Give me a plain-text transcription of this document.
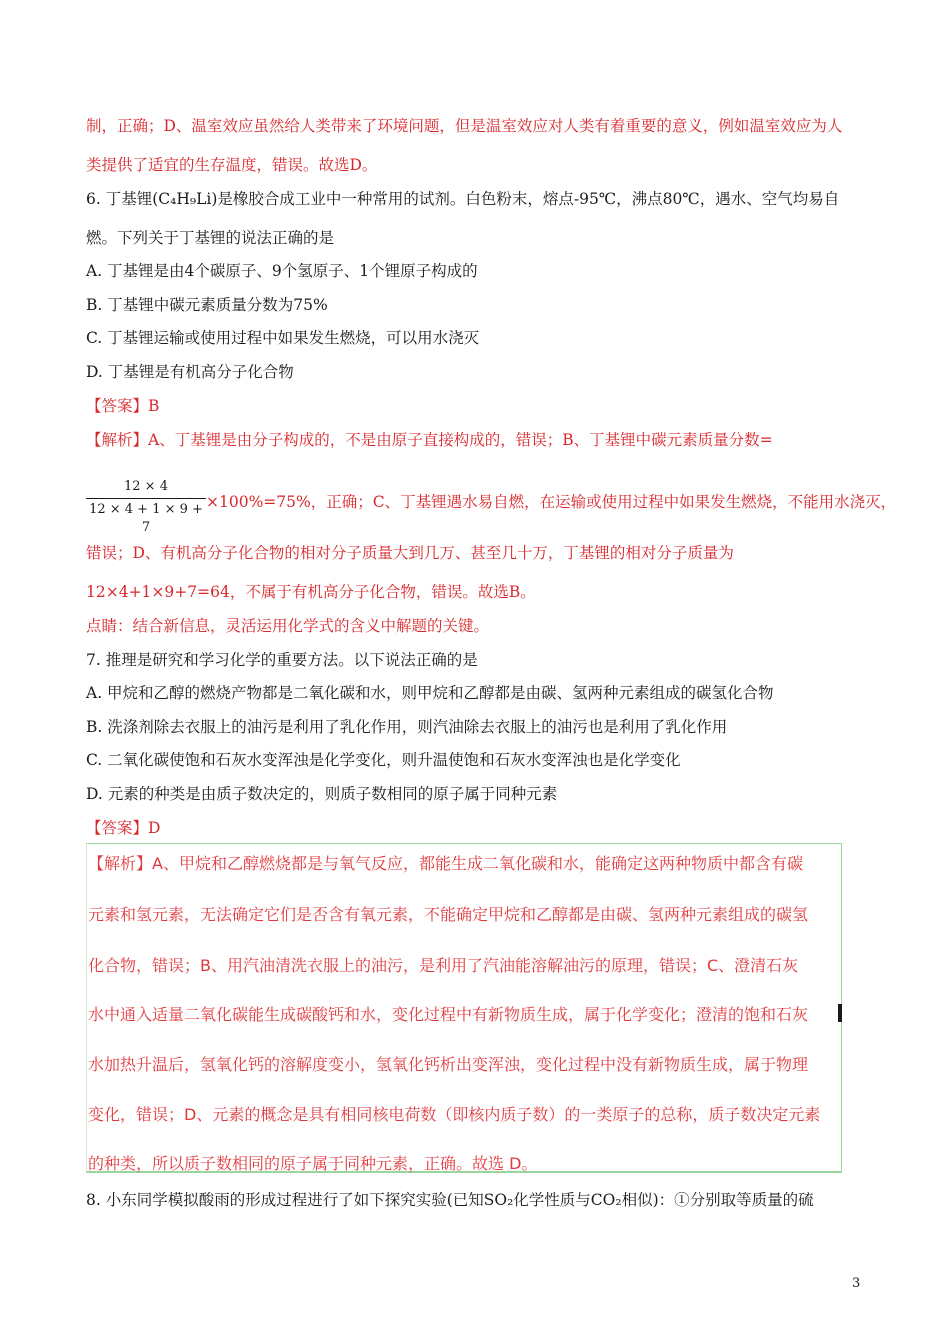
制，正确；D、温室效应虽然给人类带来了环境问题，但是温室效应对人类有着重要的意义，例如温室效应为人
类提供了适宜的生存温度，错误。故选D。
6. 丁基锂(C₄H₉Li)是橡胶合成工业中一种常用的试剂。白色粉末，熔点-95℃，沸点80℃，遇水、空气均易自
燃。下列关于丁基锂的说法正确的是
A. 丁基锂是由4个碳原子、9个氢原子、1个锂原子构成的
B. 丁基锂中碳元素质量分数为75%
C. 丁基锂运输或使用过程中如果发生燃烧，可以用水浇灭
D. 丁基锂是有机高分子化合物
【答案】B
【解析】A、丁基锂是由分子构成的，不是由原子直接构成的，错误；B、丁基锂中碳元素质量分数=
12 × 4
12 × 4 + 1 × 9 + 7
×100%=75%，正确；C、丁基锂遇水易自燃，在运输或使用过程中如果发生燃烧，不能用水浇灭，
错误；D、有机高分子化合物的相对分子质量大到几万、甚至几十万，丁基锂的相对分子质量为
12×4+1×9+7=64，不属于有机高分子化合物，错误。故选B。
点睛：结合新信息，灵活运用化学式的含义中解题的关键。
7. 推理是研究和学习化学的重要方法。以下说法正确的是
A. 甲烷和乙醇的燃烧产物都是二氧化碳和水，则甲烷和乙醇都是由碳、氢两种元素组成的碳氢化合物
B. 洗涤剂除去衣服上的油污是利用了乳化作用，则汽油除去衣服上的油污也是利用了乳化作用
C. 二氧化碳使饱和石灰水变浑浊是化学变化，则升温使饱和石灰水变浑浊也是化学变化
D. 元素的种类是由质子数决定的，则质子数相同的原子属于同种元素
【答案】D
【解析】A、甲烷和乙醇燃烧都是与氧气反应，都能生成二氧化碳和水，能确定这两种物质中都含有碳
元素和氢元素，无法确定它们是否含有氧元素，不能确定甲烷和乙醇都是由碳、氢两种元素组成的碳氢
化合物，错误；B、用汽油清洗衣服上的油污，是利用了汽油能溶解油污的原理，错误；C、澄清石灰
水中通入适量二氧化碳能生成碳酸钙和水，变化过程中有新物质生成，属于化学变化；澄清的饱和石灰
水加热升温后，氢氧化钙的溶解度变小，氢氧化钙析出变浑浊，变化过程中没有新物质生成，属于物理
变化，错误；D、元素的概念是具有相同核电荷数（即核内质子数）的一类原子的总称，质子数决定元素
的种类，所以质子数相同的原子属于同种元素，正确。故选 D。
8. 小东同学模拟酸雨的形成过程进行了如下探究实验(已知SO₂化学性质与CO₂相似)：①分别取等质量的硫
3
